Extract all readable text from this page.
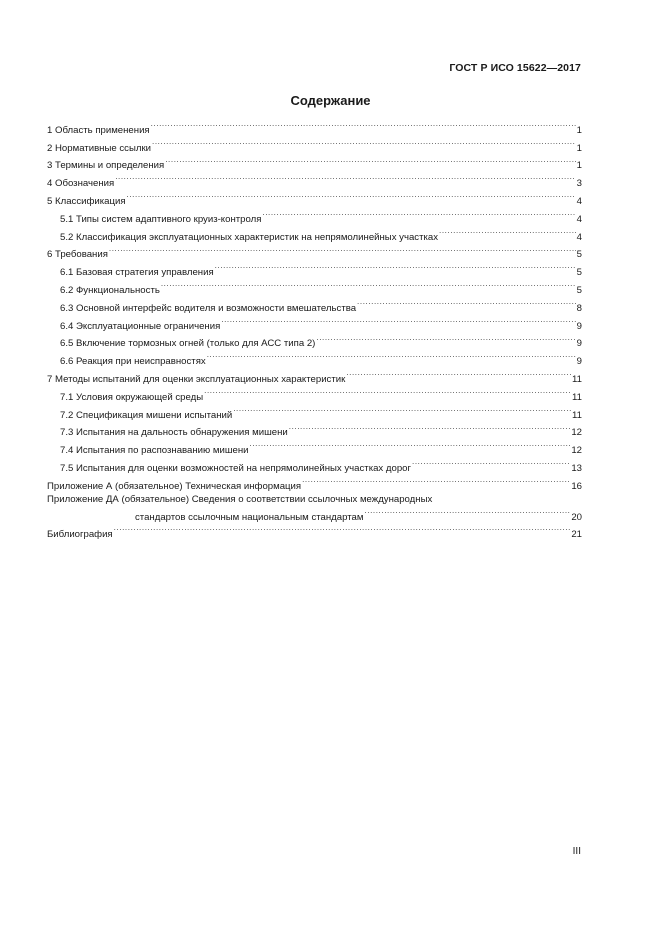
ГОСТ Р ИСО 15622—2017
Содержание
1 Область применения .....	1
2 Нормативные ссылки .....	1
3 Термины и определения .....	1
4 Обозначения .....	3
5 Классификация .....	4
5.1 Типы систем адаптивного круиз-контроля .....	4
5.2 Классификация эксплуатационных характеристик на непрямолинейных участках .....	4
6 Требования .....	5
6.1 Базовая стратегия управления .....	5
6.2 Функциональность .....	5
6.3 Основной интерфейс водителя и возможности вмешательства .....	8
6.4 Эксплуатационные ограничения .....	9
6.5 Включение тормозных огней (только для АСС типа 2) .....	9
6.6 Реакция при неисправностях .....	9
7 Методы испытаний для оценки эксплуатационных характеристик .....	11
7.1 Условия окружающей среды .....	11
7.2 Спецификация мишени испытаний .....	11
7.3 Испытания на дальность обнаружения мишени .....	12
7.4 Испытания по распознаванию мишени .....	12
7.5 Испытания для оценки возможностей на непрямолинейных участках дорог .....	13
Приложение А (обязательное) Техническая информация .....	16
Приложение ДА (обязательное) Сведения о соответствии ссылочных международных
стандартов ссылочным национальным стандартам .....	20
Библиография .....	21
III
